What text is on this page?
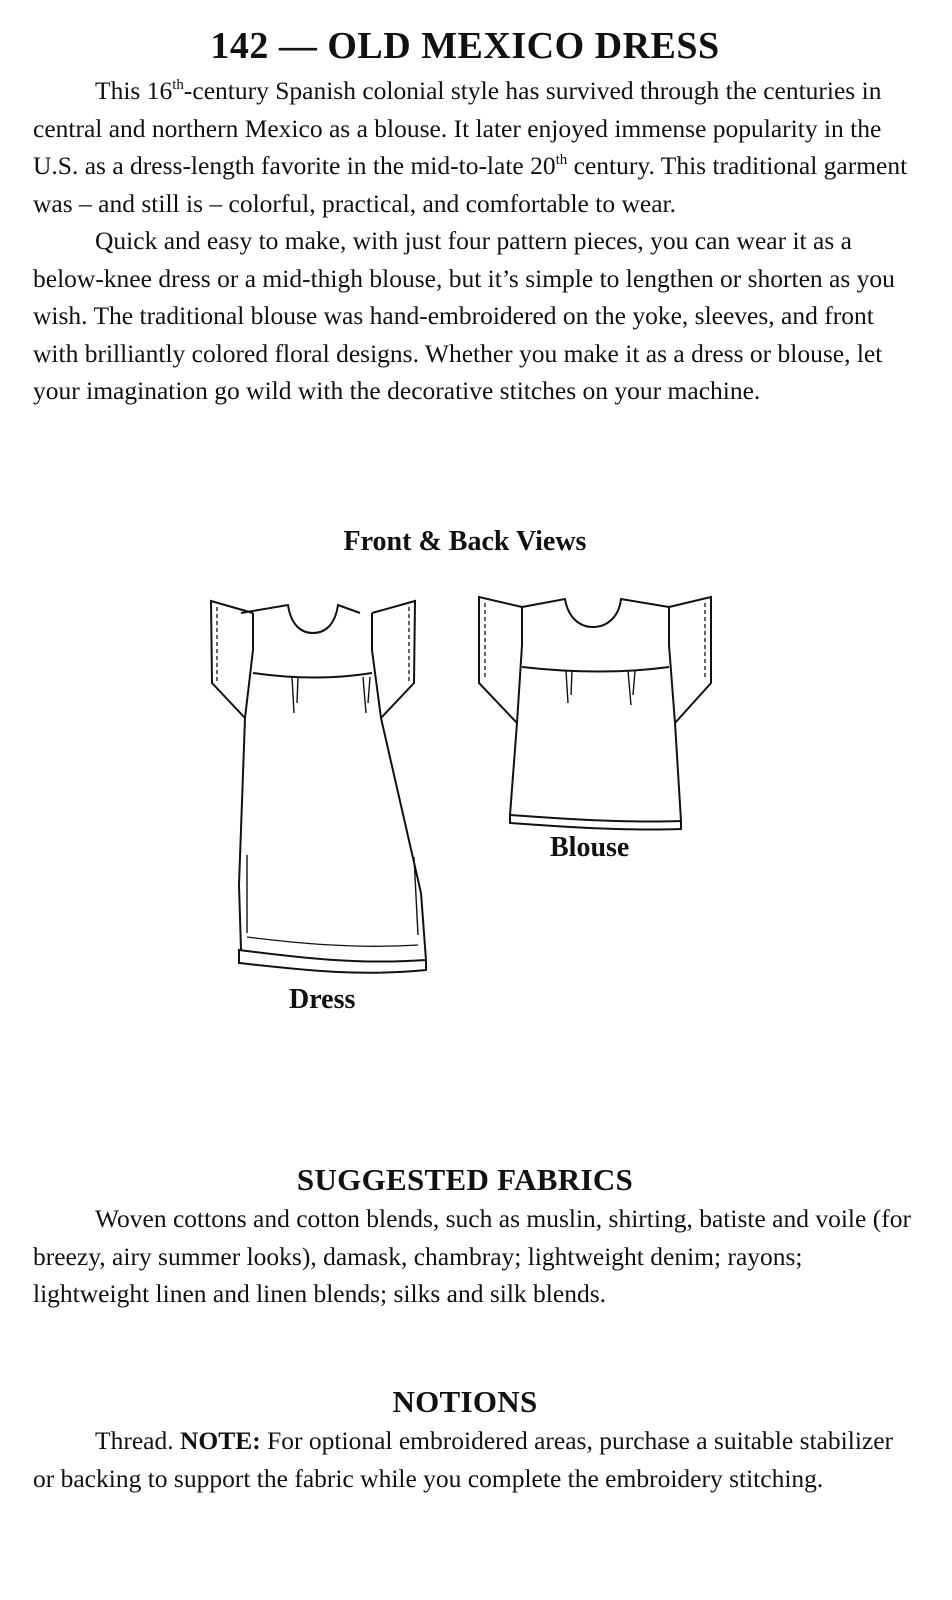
142 — OLD MEXICO DRESS

This 16th-century Spanish colonial style has survived through the centuries in central and northern Mexico as a blouse. It later enjoyed immense popularity in the U.S. as a dress-length favorite in the mid-to-late 20th century. This traditional garment was – and still is – colorful, practical, and comfortable to wear.

Quick and easy to make, with just four pattern pieces, you can wear it as a below-knee dress or a mid-thigh blouse, but it’s simple to lengthen or shorten as you wish. The traditional blouse was hand-embroidered on the yoke, sleeves, and front with brilliantly colored floral designs. Whether you make it as a dress or blouse, let your imagination go wild with the decorative stitches on your machine.

Front & Back Views
Blouse
Dress
SUGGESTED FABRICS

Woven cottons and cotton blends, such as muslin, shirting, batiste and voile (for breezy, airy summer looks), damask, chambray; lightweight denim; rayons; lightweight linen and linen blends; silks and silk blends.

NOTIONS

Thread. NOTE: For optional embroidered areas, purchase a suitable stabilizer or backing to support the fabric while you complete the embroidery stitching.
